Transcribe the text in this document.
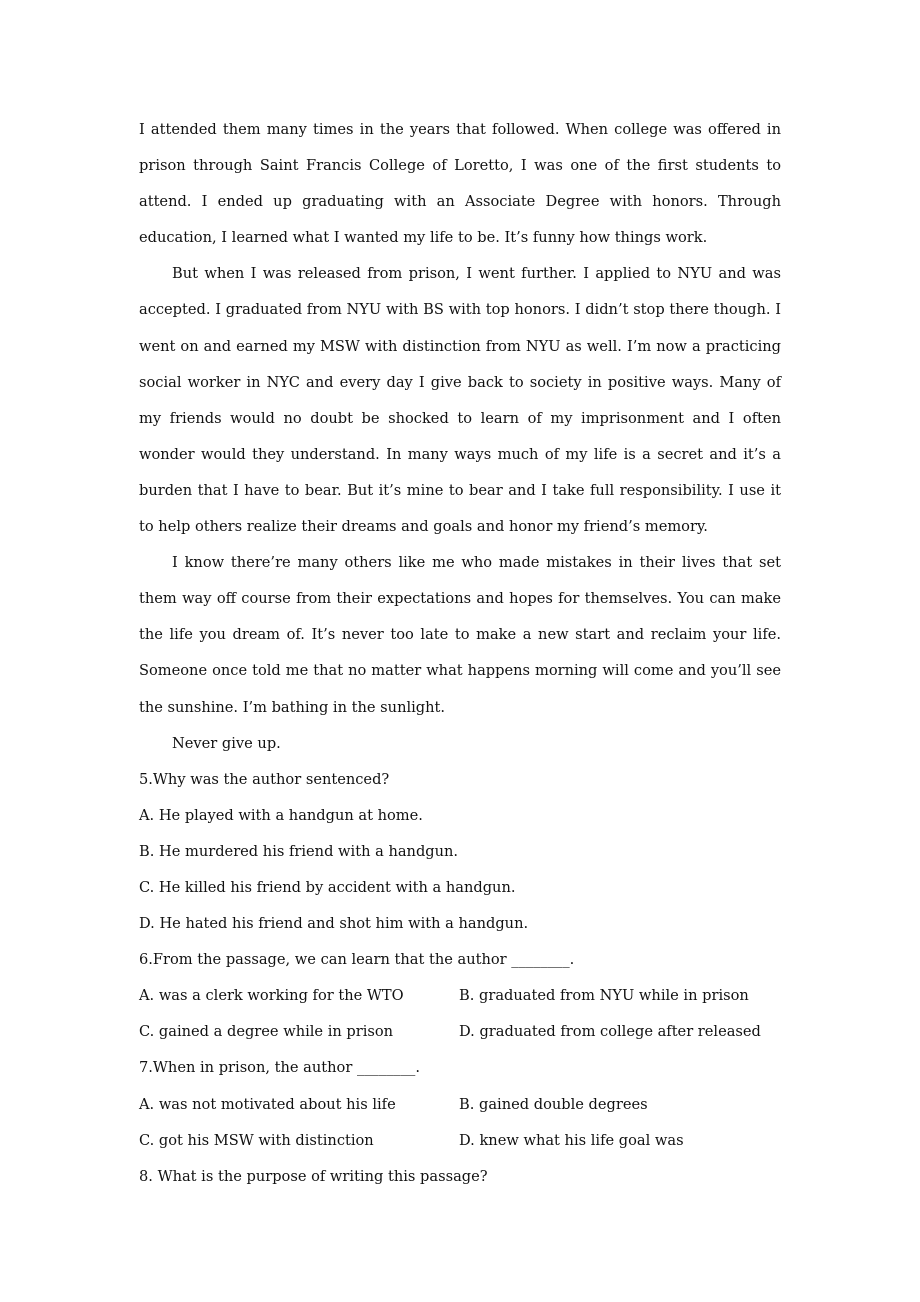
I attended them many times in the years that followed. When college was offered in prison through Saint Francis College of Loretto, I was one of the first students to attend. I ended up graduating with an Associate Degree with honors. Through education, I learned what I wanted my life to be. It’s funny how things work.

But when I was released from prison, I went further. I applied to NYU and was accepted. I graduated from NYU with BS with top honors. I didn’t stop there though. I went on and earned my MSW with distinction from NYU as well. I’m now a practicing social worker in NYC and every day I give back to society in positive ways. Many of my friends would no doubt be shocked to learn of my imprisonment and I often wonder would they understand. In many ways much of my life is a secret and it’s a burden that I have to bear. But it’s mine to bear and I take full responsibility. I use it to help others realize their dreams and goals and honor my friend’s memory.

I know there’re many others like me who made mistakes in their lives that set them way off course from their expectations and hopes for themselves. You can make the life you dream of. It’s never too late to make a new start and reclaim your life. Someone once told me that no matter what happens morning will come and you’ll see the sunshine. I’m bathing in the sunlight.

Never give up.

5.Why was the author sentenced?

A. He played with a handgun at home.

B. He murdered his friend with a handgun.

C. He killed his friend by accident with a handgun.

D. He hated his friend and shot him with a handgun.

6.From the passage, we can learn that the author ________.

A. was a clerk working for the WTO	B. graduated from NYU while in prison
C. gained a degree while in prison	D. graduated from college after released

7.When in prison, the author ________.

A. was not motivated about his life	B. gained double degrees
C. got his MSW with distinction	D. knew what his life goal was

8. What is the purpose of writing this passage?
